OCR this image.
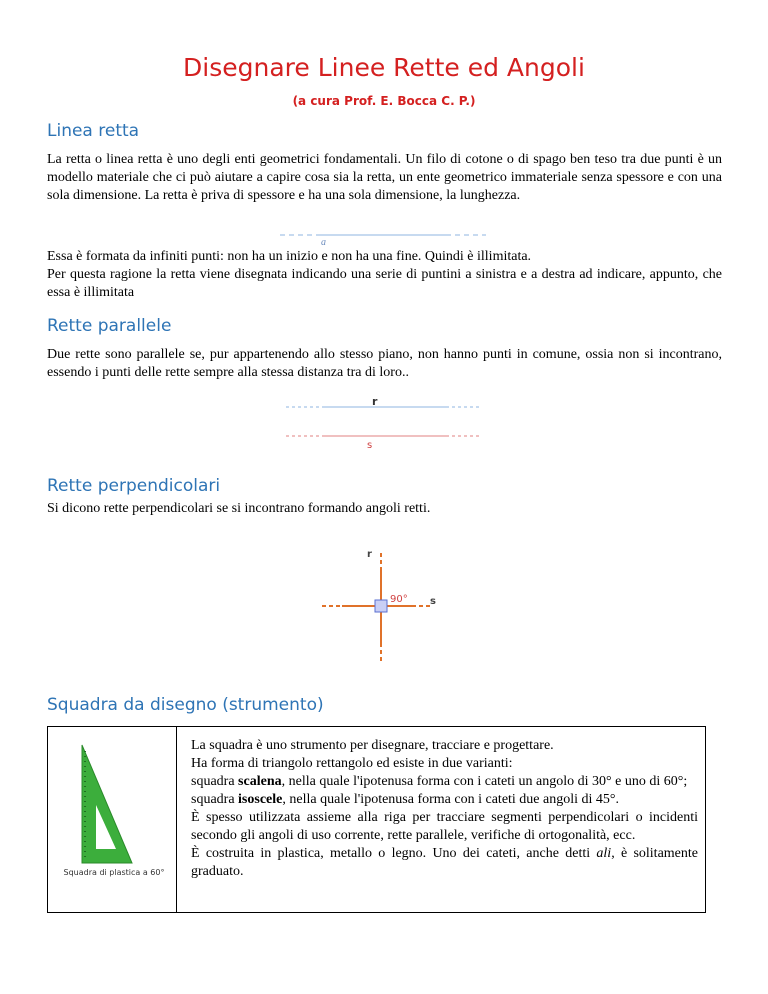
Disegnare Linee Rette ed Angoli
(a cura Prof. E. Bocca C. P.)
Linea retta

La retta o linea retta è uno degli enti geometrici fondamentali. Un filo di cotone o di spago ben teso tra due punti è un modello materiale che ci può aiutare a capire cosa sia la retta, un ente geometrico immateriale senza spessore e con una sola dimensione. La retta è priva di spessore e ha una sola dimensione, la lunghezza.

a

Essa è formata da infiniti punti: non ha un inizio e non ha una fine. Quindi è illimitata.

Per questa ragione la retta viene disegnata indicando una serie di puntini a sinistra e a destra ad indicare, appunto, che essa è illimitata

Rette parallele

Due rette sono parallele se, pur appartenendo allo stesso piano, non hanno punti in comune, ossia non si incontrano, essendo i punti delle rette sempre alla stessa distanza tra di loro..

r
s
Rette perpendicolari

Si dicono rette perpendicolari se si incontrano formando angoli retti.

r
s
90°
Squadra da disegno (strumento)
Squadra di plastica a 60°

La squadra è uno strumento per disegnare, tracciare e progettare.

Ha forma di triangolo rettangolo ed esiste in due varianti:

squadra scalena, nella quale l'ipotenusa forma con i cateti un angolo di 30° e uno di 60°;

squadra isoscele, nella quale l'ipotenusa forma con i cateti due angoli di 45°.

È spesso utilizzata assieme alla riga per tracciare segmenti perpendicolari o incidenti secondo gli angoli di uso corrente, rette parallele, verifiche di ortogonalità, ecc.

È costruita in plastica, metallo o legno. Uno dei cateti, anche detti ali, è solitamente graduato.
